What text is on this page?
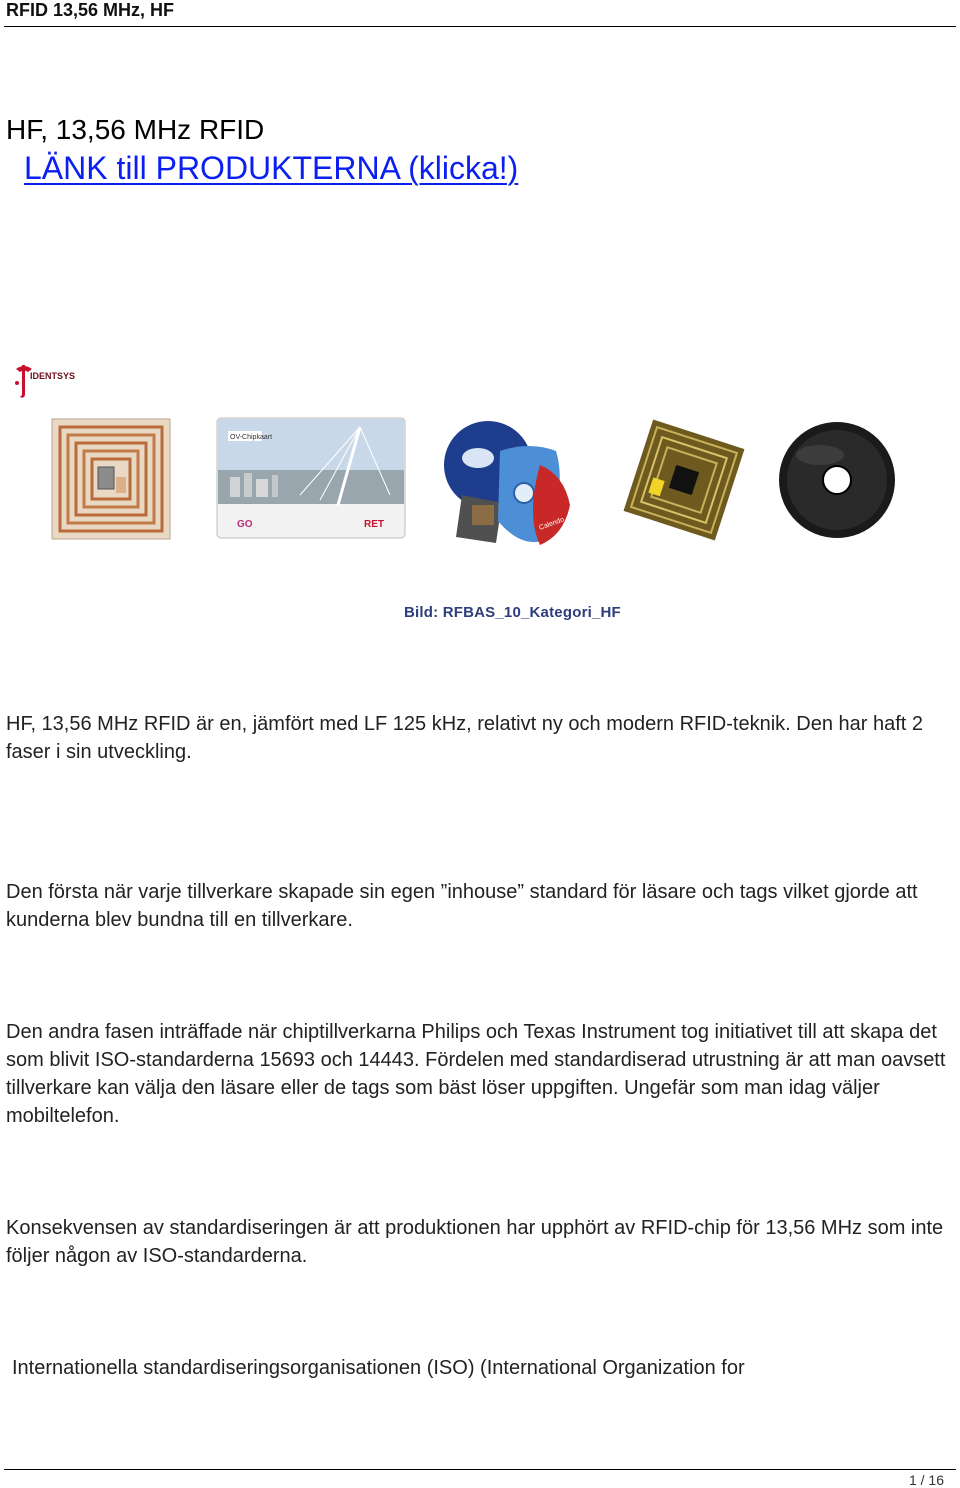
RFID 13,56 MHz, HF
HF, 13,56 MHz RFID
LÄNK till PRODUKTERNA (klicka!)
IDENTSYS
OV-Chipkaart
GO	RET	Calendo
Bild: RFBAS_10_Kategori_HF

HF, 13,56 MHz RFID är en, jämfört med LF 125 kHz, relativt ny och modern RFID-teknik. Den har haft 2 faser i sin utveckling.

Den första när varje tillverkare skapade sin egen ”inhouse” standard för läsare och tags vilket gjorde att kunderna blev bundna till en tillverkare.

Den andra fasen inträffade när chiptillverkarna Philips och Texas Instrument tog initiativet till att skapa det som blivit ISO-standarderna 15693 och 14443. Fördelen med standardiserad utrustning är att man oavsett tillverkare kan välja den läsare eller de tags som bäst löser uppgiften. Ungefär som man idag väljer mobiltelefon.

Konsekvensen av standardiseringen är att produktionen har upphört av RFID-chip för 13,56 MHz som inte följer någon av ISO-standarderna.

Internationella standardiseringsorganisationen (ISO) (International Organization for

1 / 16
